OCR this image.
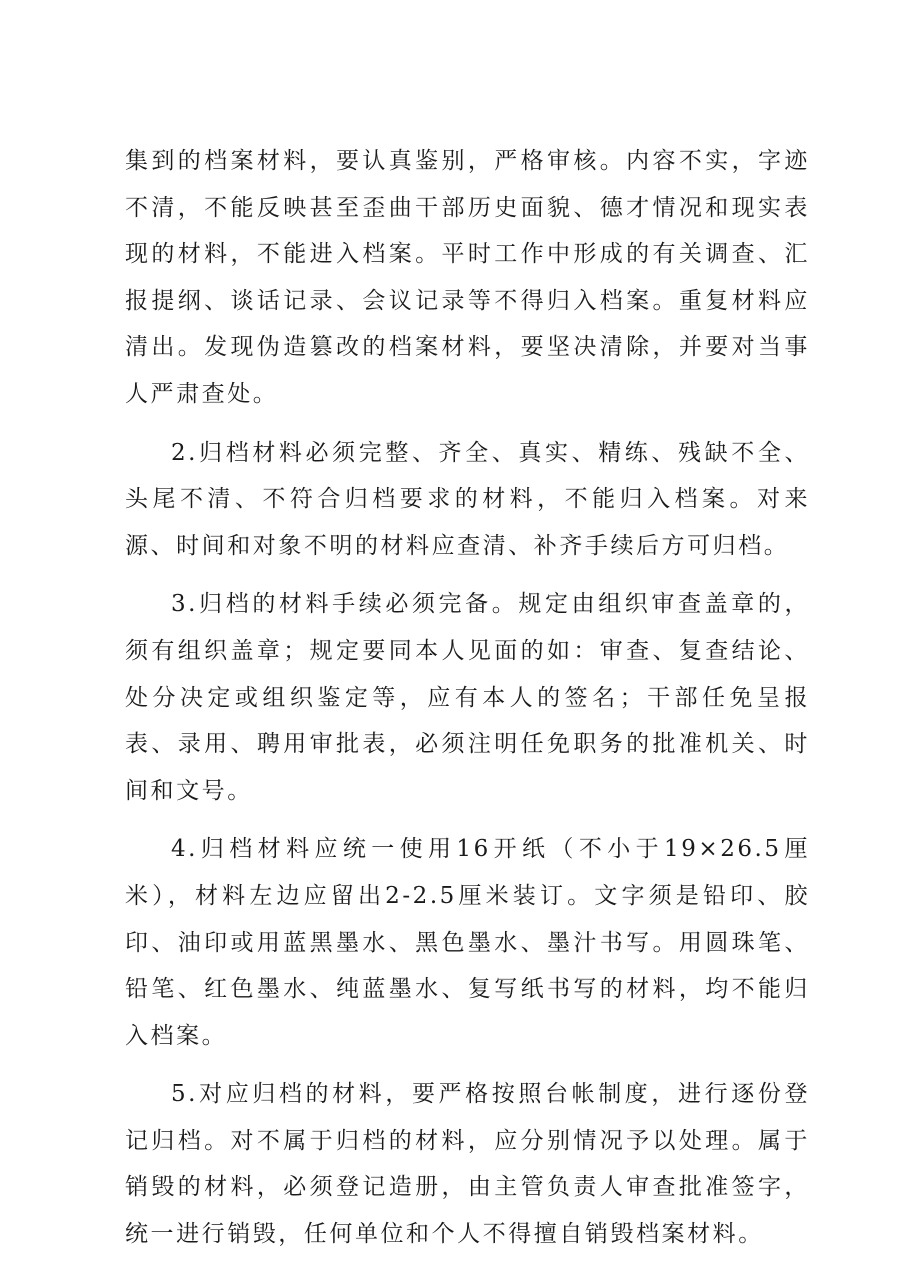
集到的档案材料，要认真鉴别，严格审核。内容不实，字迹不清，不能反映甚至歪曲干部历史面貌、德才情况和现实表现的材料，不能进入档案。平时工作中形成的有关调查、汇报提纲、谈话记录、会议记录等不得归入档案。重复材料应清出。发现伪造篡改的档案材料，要坚决清除，并要对当事人严肃查处。

2.归档材料必须完整、齐全、真实、精练、残缺不全、头尾不清、不符合归档要求的材料，不能归入档案。对来源、时间和对象不明的材料应查清、补齐手续后方可归档。

3.归档的材料手续必须完备。规定由组织审查盖章的，须有组织盖章；规定要同本人见面的如：审查、复查结论、处分决定或组织鉴定等，应有本人的签名；干部任免呈报表、录用、聘用审批表，必须注明任免职务的批准机关、时间和文号。

4.归档材料应统一使用16开纸（不小于19×26.5厘米），材料左边应留出2-2.5厘米装订。文字须是铅印、胶印、油印或用蓝黑墨水、黑色墨水、墨汁书写。用圆珠笔、铅笔、红色墨水、纯蓝墨水、复写纸书写的材料，均不能归入档案。

5.对应归档的材料，要严格按照台帐制度，进行逐份登记归档。对不属于归档的材料，应分别情况予以处理。属于销毁的材料，必须登记造册，由主管负责人审查批准签字，统一进行销毁，任何单位和个人不得擅自销毁档案材料。
